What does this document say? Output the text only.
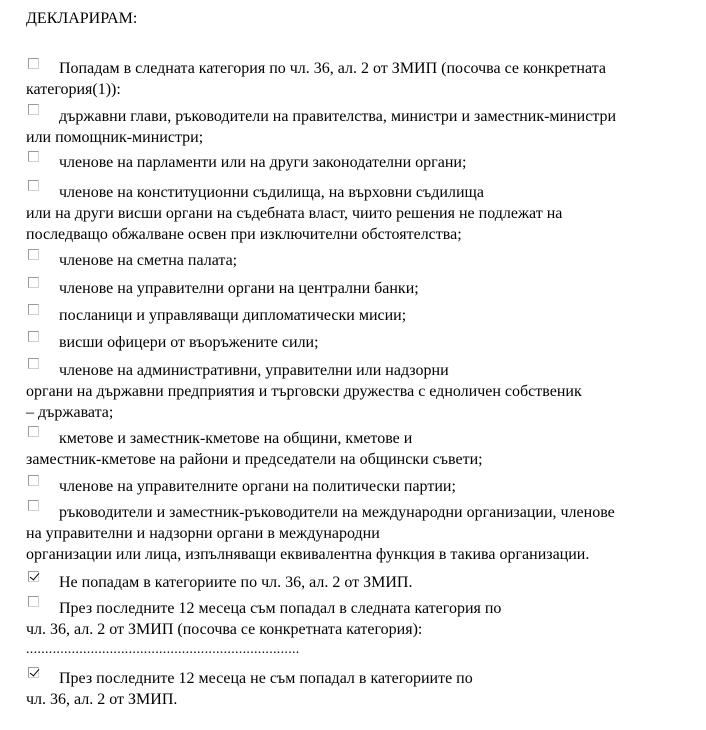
ДЕКЛАРИРАМ:
Попадам в следната категория по чл. 36, ал. 2 от ЗМИП (посочва се конкретната
категория(1)):
държавни глави, ръководители на правителства, министри и заместник-министри
или помощник-министри;
членове на парламенти или на други законодателни органи;
членове на конституционни съдилища, на върховни съдилища
или на други висши органи на съдебната власт, чиито решения не подлежат на
последващо обжалване освен при изключителни обстоятелства;
членове на сметна палата;
членове на управителни органи на централни банки;
посланици и управляващи дипломатически мисии;
висши офицери от въоръжените сили;
членове на административни, управителни или надзорни
органи на държавни предприятия и търговски дружества с едноличен собственик
– държавата;
кметове и заместник-кметове на общини, кметове и
заместник-кметове на райони и председатели на общински съвети;
членове на управителните органи на политически партии;
ръководители и заместник-ръководители на международни организации, членове
на управителни и надзорни органи в международни
организации или лица, изпълняващи еквивалентна функция в такива организации.
Не попадам в категориите по чл. 36, ал. 2 от ЗМИП.
През последните 12 месеца съм попадал в следната категория по
чл. 36, ал. 2 от ЗМИП (посочва се конкретната категория):
През последните 12 месеца не съм попадал в категориите по
чл. 36, ал. 2 от ЗМИП.
........................................................................
